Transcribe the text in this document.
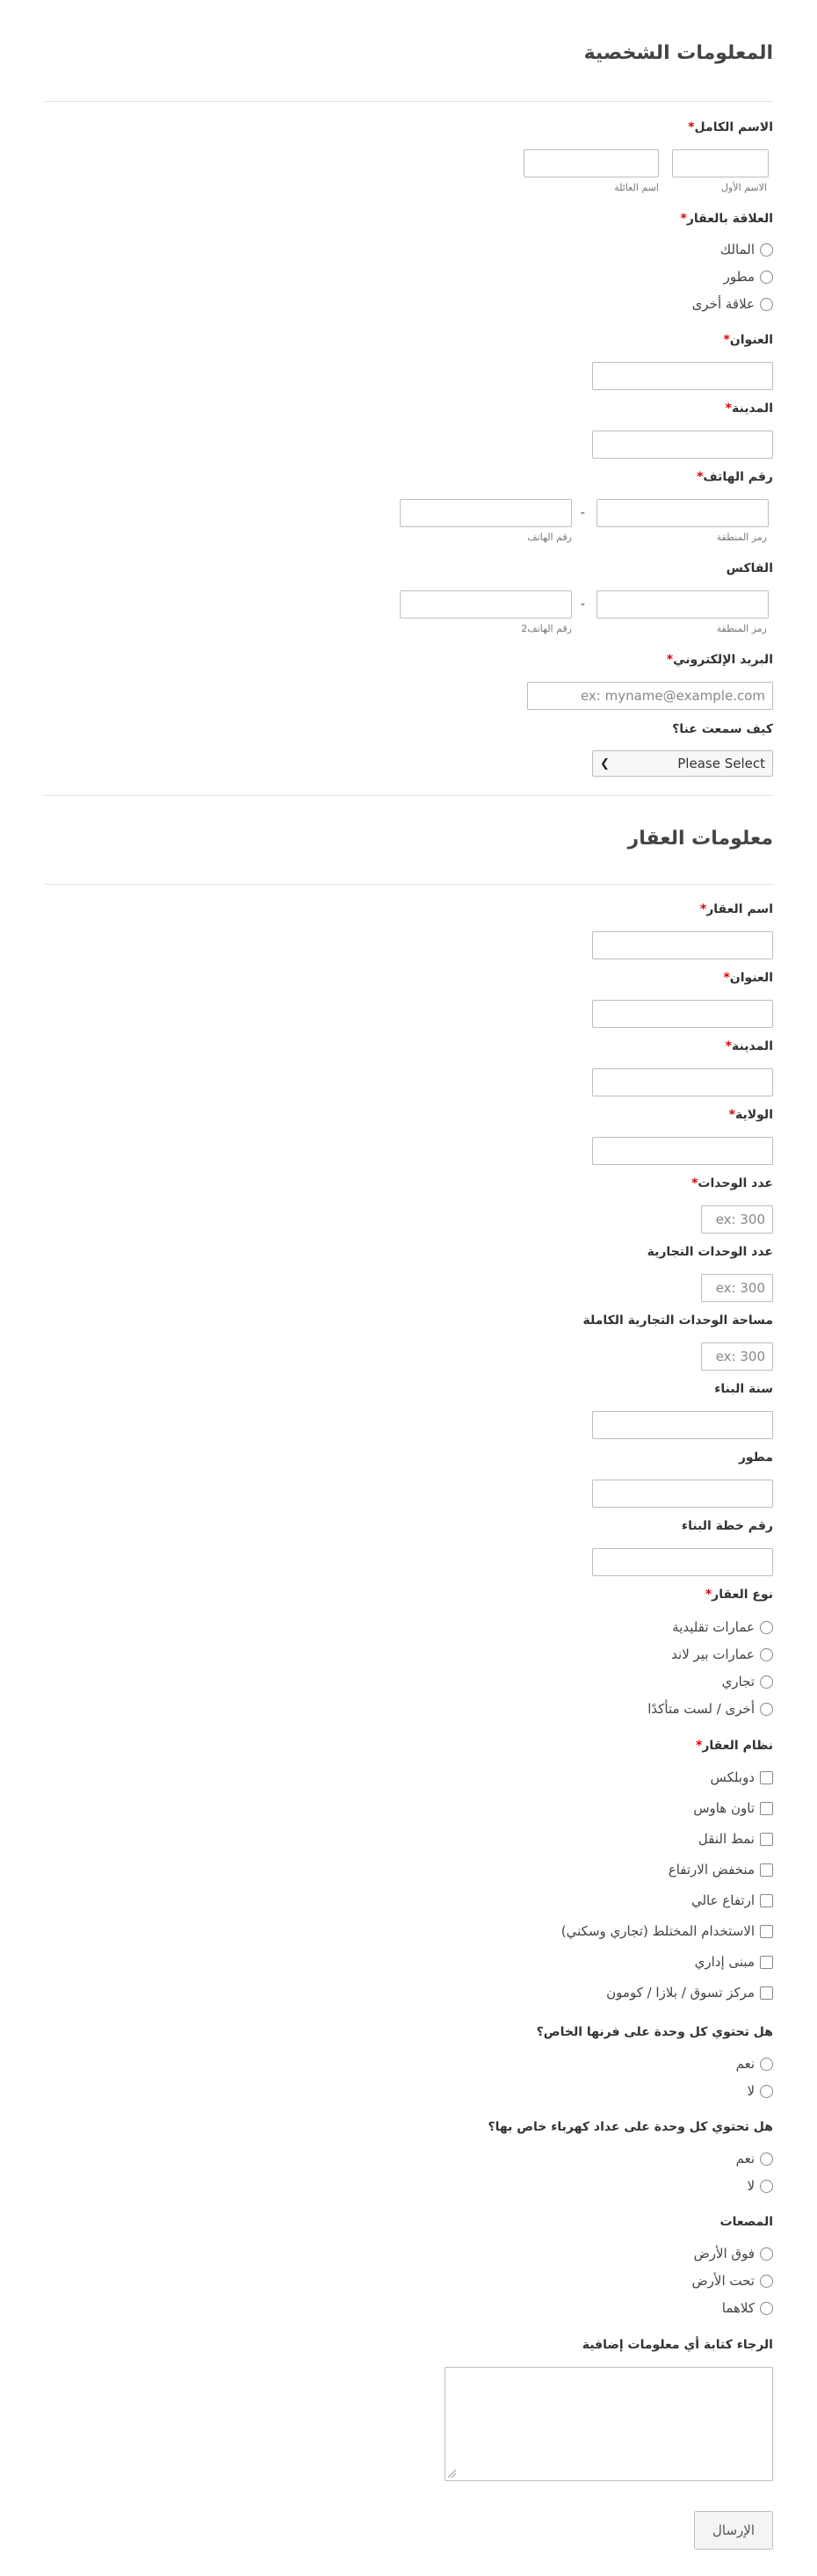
المعلومات الشخصية
*الاسم الكامل
الاسم الأول
اسم العائلة
*العلاقة بالعقار
المالك
مطور
علاقة أخرى
*العنوان
*المدينة
*رقم الهاتف
-
رمز المنطقة
رقم الهاتف
الفاكس
-
رمز المنطقة
رقم الهاتف2
*البريد الإلكتروني
ex: myname@example.com
كيف سمعت عنا؟
❮	Please Select
معلومات العقار
*اسم العقار
*العنوان
*المدينة
*الولاية
*عدد الوحدات
ex: 300
عدد الوحدات التجارية
ex: 300
مساحة الوحدات التجارية الكاملة
ex: 300
سنة البناء
مطور
رقم خطة البناء
*نوع العقار
عمارات تقليدية
عمارات بير لاند
تجاري
أخرى / لست متأكدًا
*نظام العقار
دوبلكس
تاون هاوس
نمط النقل
منخفض الارتفاع
ارتفاع عالي
الاستخدام المختلط (تجاري وسكني)
مبنى إداري
مركز تسوق / بلازا / كومون
هل تحتوي كل وحدة على فرنها الخاص؟
نعم
لا
هل تحتوي كل وحدة على عداد كهرباء خاص بها؟
نعم
لا
المصعات
فوق الأرض
تحت الأرض
كلاهما
الرجاء كتابة أي معلومات إضافية
الإرسال
